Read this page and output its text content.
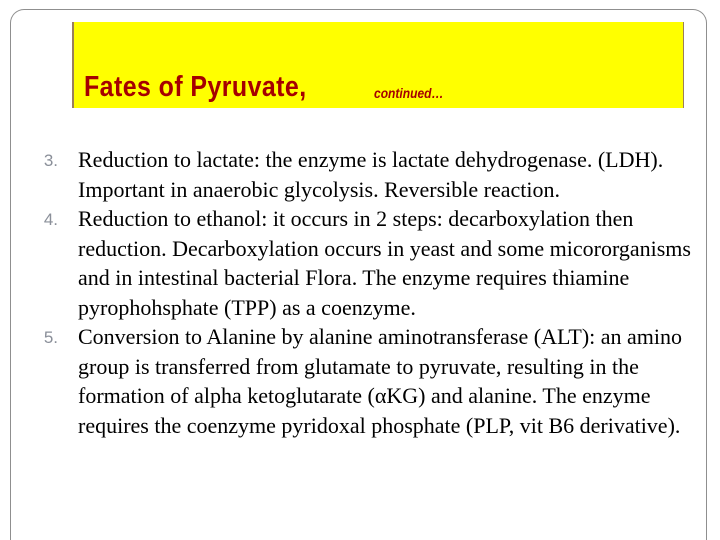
Fates of Pyruvate,	continued…
3. Reduction to lactate: the enzyme is lactate dehydrogenase. (LDH). Important in anaerobic glycolysis. Reversible reaction.
4. Reduction to ethanol: it occurs in 2 steps: decarboxylation then reduction. Decarboxylation occurs in yeast and some micororganisms and in intestinal bacterial Flora. The enzyme requires thiamine pyrophohsphate (TPP) as a coenzyme.
5. Conversion to Alanine by alanine aminotransferase (ALT): an amino group is transferred from glutamate to pyruvate, resulting in the formation of alpha ketoglutarate (αKG) and alanine. The enzyme requires the coenzyme pyridoxal phosphate (PLP, vit B6 derivative).
